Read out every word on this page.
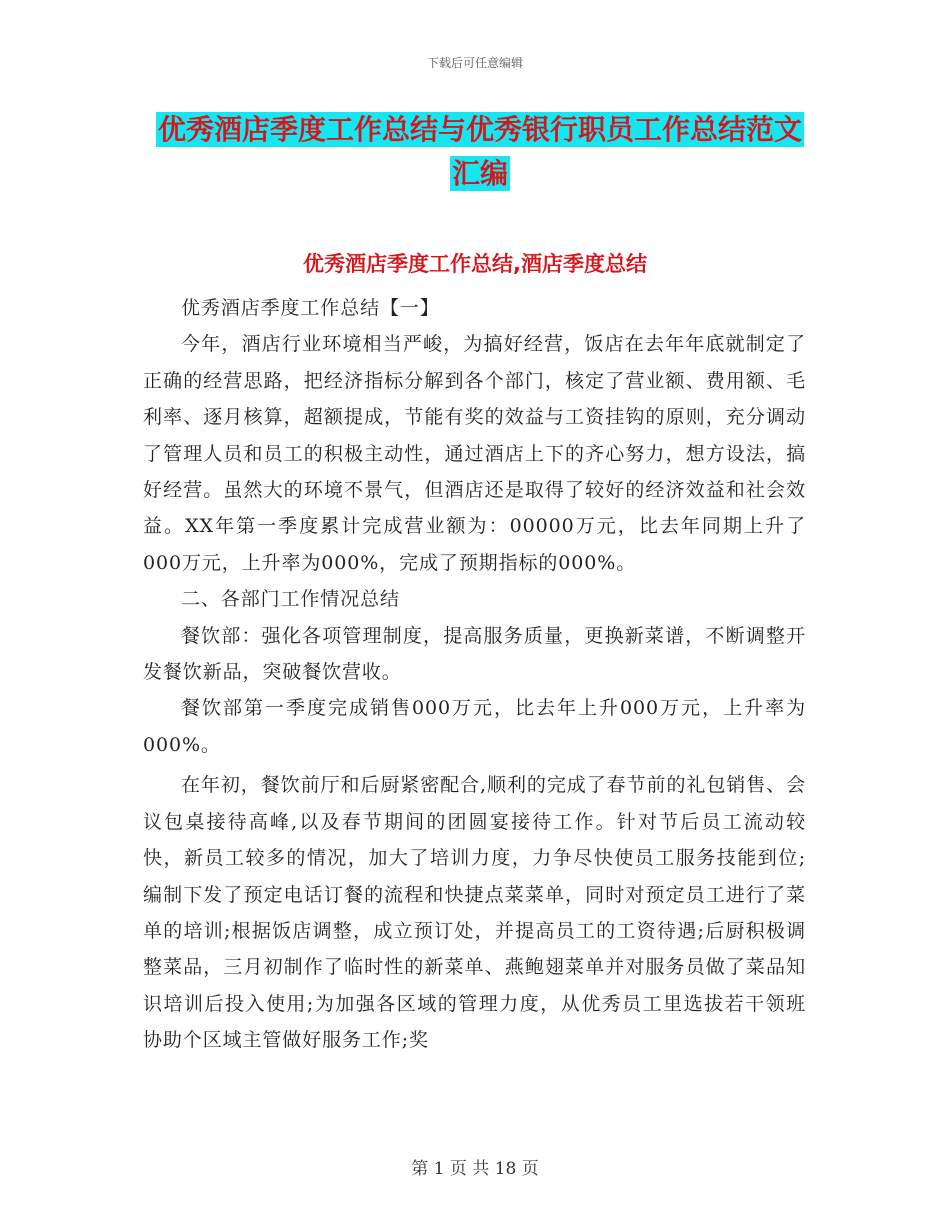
下载后可任意编辑
优秀酒店季度工作总结与优秀银行职员工作总结范文
汇编
优秀酒店季度工作总结,酒店季度总结

优秀酒店季度工作总结【一】

今年，酒店行业环境相当严峻，为搞好经营，饭店在去年年底就制定了正确的经营思路，把经济指标分解到各个部门，核定了营业额、费用额、毛利率、逐月核算，超额提成，节能有奖的效益与工资挂钩的原则，充分调动了管理人员和员工的积极主动性，通过酒店上下的齐心努力，想方设法，搞好经营。虽然大的环境不景气，但酒店还是取得了较好的经济效益和社会效益。XX年第一季度累计完成营业额为：00000万元，比去年同期上升了000万元，上升率为000%，完成了预期指标的000%。

二、各部门工作情况总结

餐饮部：强化各项管理制度，提高服务质量，更换新菜谱，不断调整开发餐饮新品，突破餐饮营收。

餐饮部第一季度完成销售000万元，比去年上升000万元，上升率为000%。

在年初，餐饮前厅和后厨紧密配合,顺利的完成了春节前的礼包销售、会议包桌接待高峰,以及春节期间的团圆宴接待工作。针对节后员工流动较快，新员工较多的情况，加大了培训力度，力争尽快使员工服务技能到位;编制下发了预定电话订餐的流程和快捷点菜菜单，同时对预定员工进行了菜单的培训;根据饭店调整，成立预订处，并提高员工的工资待遇;后厨积极调整菜品，三月初制作了临时性的新菜单、燕鲍翅菜单并对服务员做了菜品知识培训后投入使用;为加强各区域的管理力度，从优秀员工里选拔若干领班协助个区域主管做好服务工作;奖

第 1 页 共 18 页
